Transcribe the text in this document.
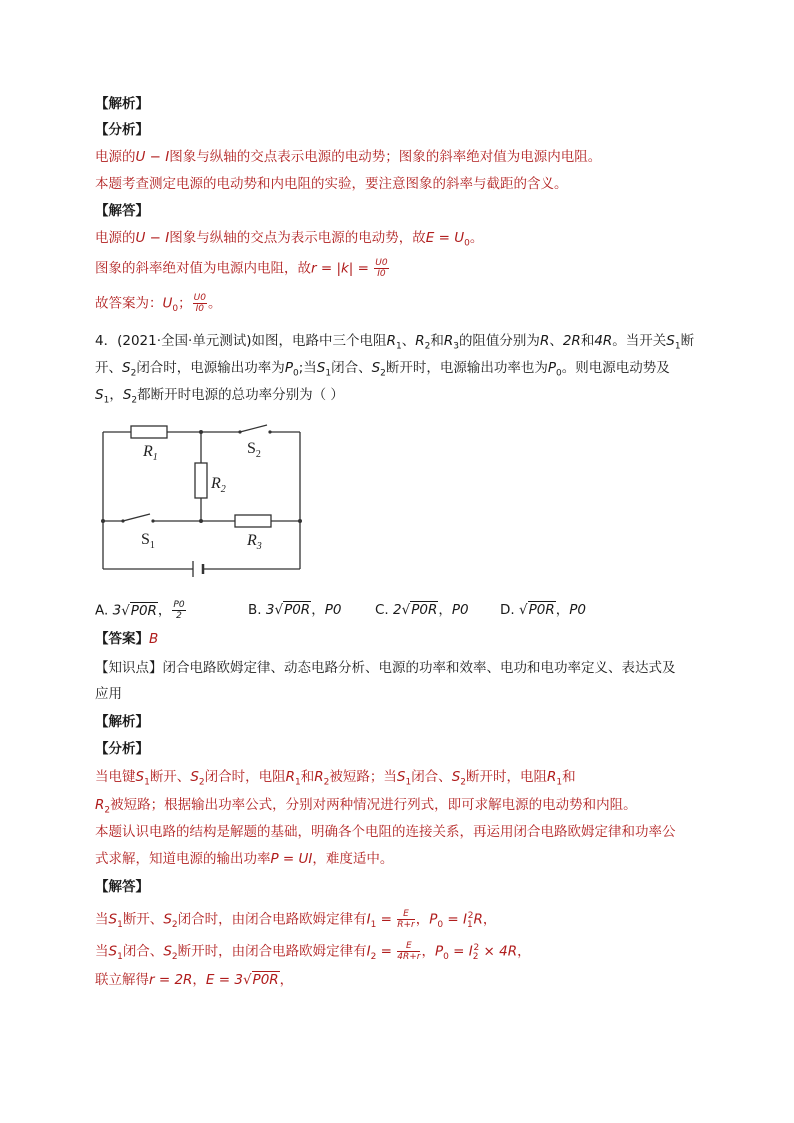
【解析】
【分析】
电源的U − I图象与纵轴的交点表示电源的电动势；图象的斜率绝对值为电源内电阻。
本题考查测定电源的电动势和内电阻的实验，要注意图象的斜率与截距的含义。
【解答】
电源的U − I图象与纵轴的交点为表示电源的电动势，故$E = U_0$。
图象的斜率绝对值为电源内电阻，故$r = |k| = \frac{U0}{I0}$
故答案为：$U_0$； $\frac{U0}{I0}$ 。
4．(2021·全国·单元测试)如图，电路中三个电阻$R_1$、$R_2$和$R_3$的阻值分别为R、2R和4R。当开关$S_1$断
开、$S_2$闭合时，电源输出功率为$P_0$;当$S_1$闭合、$S_2$断开时，电源输出功率也为$P_0$。则电源电动势及
$S_1$，$S_2$都断开时电源的总功率分别为（ ）
$R_1$
$R_2$
$R_3$
$S_2$
$S_1$
A. 3√P0R， $\frac{P0}{2}$	B. 3√P0R，P0 C. 2√P0R，P0 D. √P0R，P0
【答案】B
【知识点】闭合电路欧姆定律、动态电路分析、电源的功率和效率、电功和电功率定义、表达式及
应用
【解析】
【分析】
当电键$S_1$断开、$S_2$闭合时，电阻$R_1$和$R_2$被短路；当$S_1$闭合、$S_2$断开时，电阻$R_1$和
$R_2$被短路；根据输出功率公式，分别对两种情况进行列式，即可求解电源的电动势和内阻。
本题认识电路的结构是解题的基础，明确各个电阻的连接关系，再运用闭合电路欧姆定律和功率公
式求解，知道电源的输出功率P = UI，难度适中。
【解答】
当$S_1$断开、$S_2$闭合时，由闭合电路欧姆定律有$I_1 = \frac{E}{R+r}$ ，$P_0 = I_1^2R$，
当$S_1$闭合、$S_2$断开时，由闭合电路欧姆定律有$I_2 = \frac{E}{4R+r}$ ，$P_0 = I_2^2 \times 4R$，
联立解得r = 2R，E = 3√P0R，
